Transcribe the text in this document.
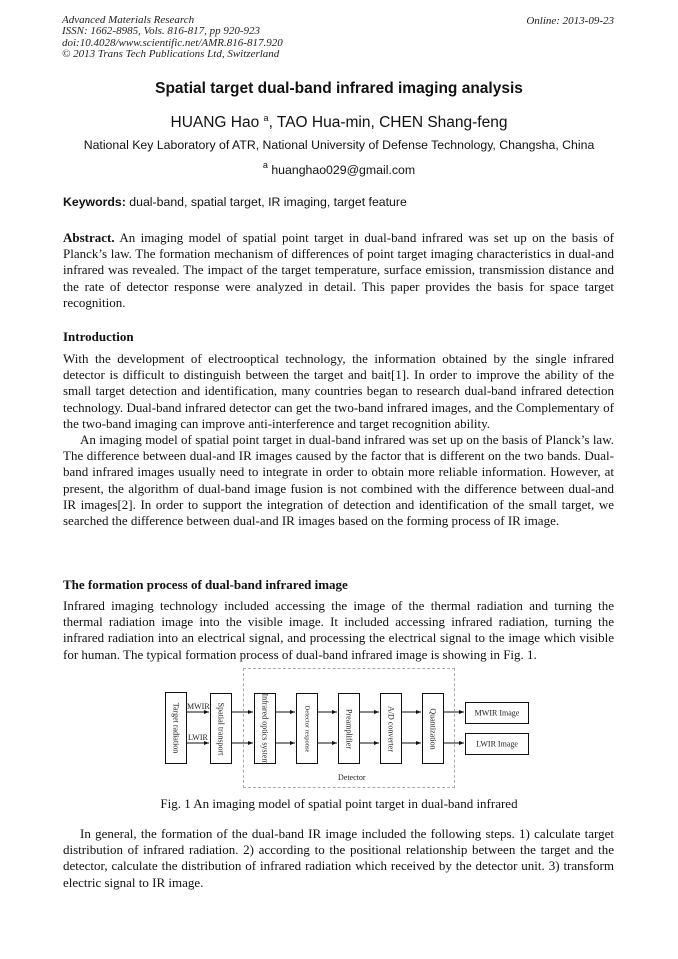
Advanced Materials Research
ISSN: 1662-8985, Vols. 816-817, pp 920-923
doi:10.4028/www.scientific.net/AMR.816-817.920
© 2013 Trans Tech Publications Ltd, Switzerland
Online: 2013-09-23
Spatial target dual-band infrared imaging analysis
HUANG Hao $^a$, TAO Hua-min, CHEN Shang-feng
National Key Laboratory of ATR, National University of Defense Technology, Changsha, China
$^a$ huanghao029@gmail.com
Keywords: dual-band, spatial target, IR imaging, target feature

Abstract. An imaging model of spatial point target in dual-band infrared was set up on the basis of Planck’s law. The formation mechanism of differences of point target imaging characteristics in dual-and infrared was revealed. The impact of the target temperature, surface emission, transmission distance and the rate of detector response were analyzed in detail. This paper provides the basis for space target recognition.

Introduction

With the development of electrooptical technology, the information obtained by the single infrared detector is difficult to distinguish between the target and bait[1]. In order to improve the ability of the small target detection and identification, many countries began to research dual-band infrared detection technology. Dual-band infrared detector can get the two-band infrared images, and the Complementary of the two-band imaging can improve anti-interference and target recognition ability.

An imaging model of spatial point target in dual-band infrared was set up on the basis of Planck’s law. The difference between dual-and IR images caused by the factor that is different on the two bands. Dual-band infrared images usually need to integrate in order to obtain more reliable information. However, at present, the algorithm of dual-band image fusion is not combined with the difference between dual-and IR images[2]. In order to support the integration of detection and identification of the small target, we searched the difference between dual-and IR images based on the forming process of IR image.

The formation process of dual-band infrared image

Infrared imaging technology included accessing the image of the thermal radiation and turning the thermal radiation image into the visible image. It included accessing infrared radiation, turning the infrared radiation into an electrical signal, and processing the electrical signal to the image which visible for human. The typical formation process of dual-band infrared image is showing in Fig. 1.

Detector
Target radiation MWIR
LWIR Spatial transport	Infrared optics system	Detector response	Preamplifier	A/D converter	Quantization	MWIR Image
LWIR Image
Fig. 1 An imaging model of spatial point target in dual-band infrared

In general, the formation of the dual-band IR image included the following steps. 1) calculate target distribution of infrared radiation. 2) according to the positional relationship between the target and the detector, calculate the distribution of infrared radiation which received by the detector unit. 3) transform electric signal to IR image.
